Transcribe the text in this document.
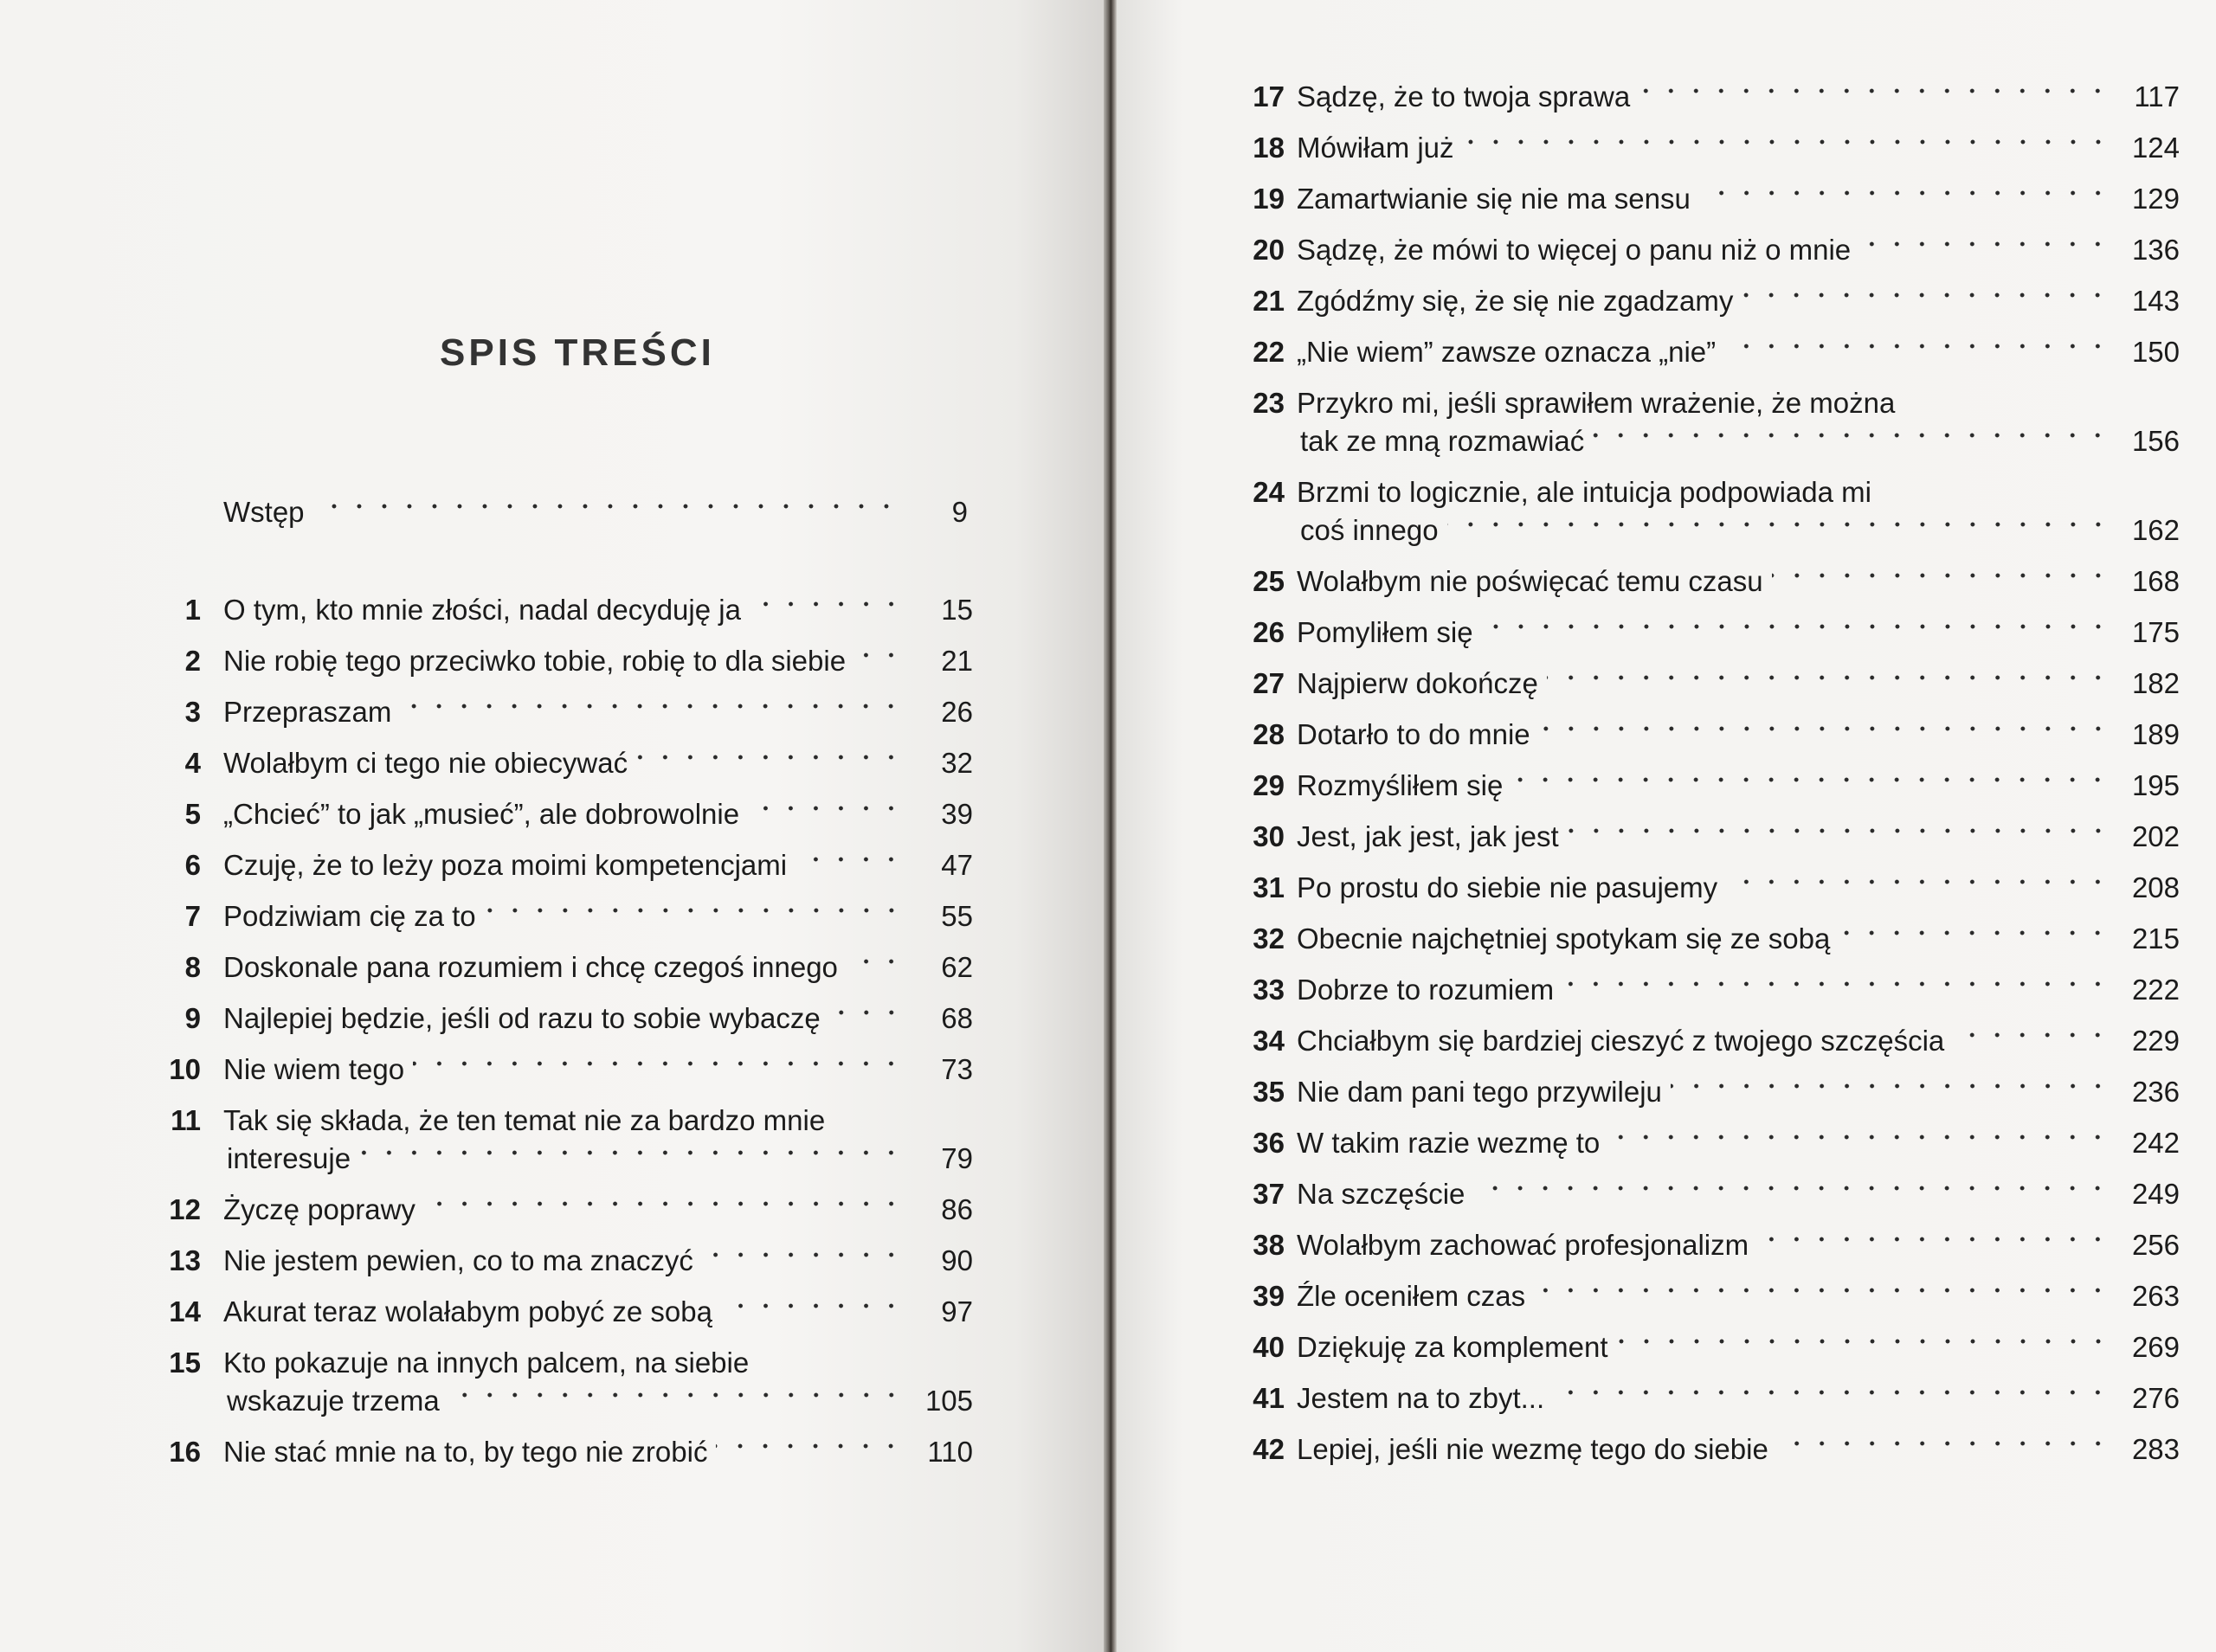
SPIS TREŚCI
Wstęp	9
1 O tym, kto mnie złości, nadal decyduję ja	15
2 Nie robię tego przeciwko tobie, robię to dla siebie	21
3 Przepraszam	26
4 Wolałbym ci tego nie obiecywać	32
5 „Chcieć” to jak „musieć”, ale dobrowolnie	39
6 Czuję, że to leży poza moimi kompetencjami	47
7 Podziwiam cię za to	55
8 Doskonale pana rozumiem i chcę czegoś innego	62
9 Najlepiej będzie, jeśli od razu to sobie wybaczę	68
10 Nie wiem tego	73
11 Tak się składa, że ten temat nie za bardzo mnie
interesuje	79
12 Życzę poprawy	86
13 Nie jestem pewien, co to ma znaczyć	90
14 Akurat teraz wolałabym pobyć ze sobą	97
15 Kto pokazuje na innych palcem, na siebie
wskazuje trzema	105
16 Nie stać mnie na to, by tego nie zrobić	110
17 Sądzę, że to twoja sprawa	117
18 Mówiłam już	124
19 Zamartwianie się nie ma sensu	129
20 Sądzę, że mówi to więcej o panu niż o mnie	136
21 Zgódźmy się, że się nie zgadzamy	143
22 „Nie wiem” zawsze oznacza „nie”	150
23 Przykro mi, jeśli sprawiłem wrażenie, że można
tak ze mną rozmawiać	156
24 Brzmi to logicznie, ale intuicja podpowiada mi
coś innego	162
25 Wolałbym nie poświęcać temu czasu	168
26 Pomyliłem się	175
27 Najpierw dokończę	182
28 Dotarło to do mnie	189
29 Rozmyśliłem się	195
30 Jest, jak jest, jak jest	202
31 Po prostu do siebie nie pasujemy	208
32 Obecnie najchętniej spotykam się ze sobą	215
33 Dobrze to rozumiem	222
34 Chciałbym się bardziej cieszyć z twojego szczęścia	229
35 Nie dam pani tego przywileju	236
36 W takim razie wezmę to	242
37 Na szczęście	249
38 Wolałbym zachować profesjonalizm	256
39 Źle oceniłem czas	263
40 Dziękuję za komplement	269
41 Jestem na to zbyt...	276
42 Lepiej, jeśli nie wezmę tego do siebie	283
